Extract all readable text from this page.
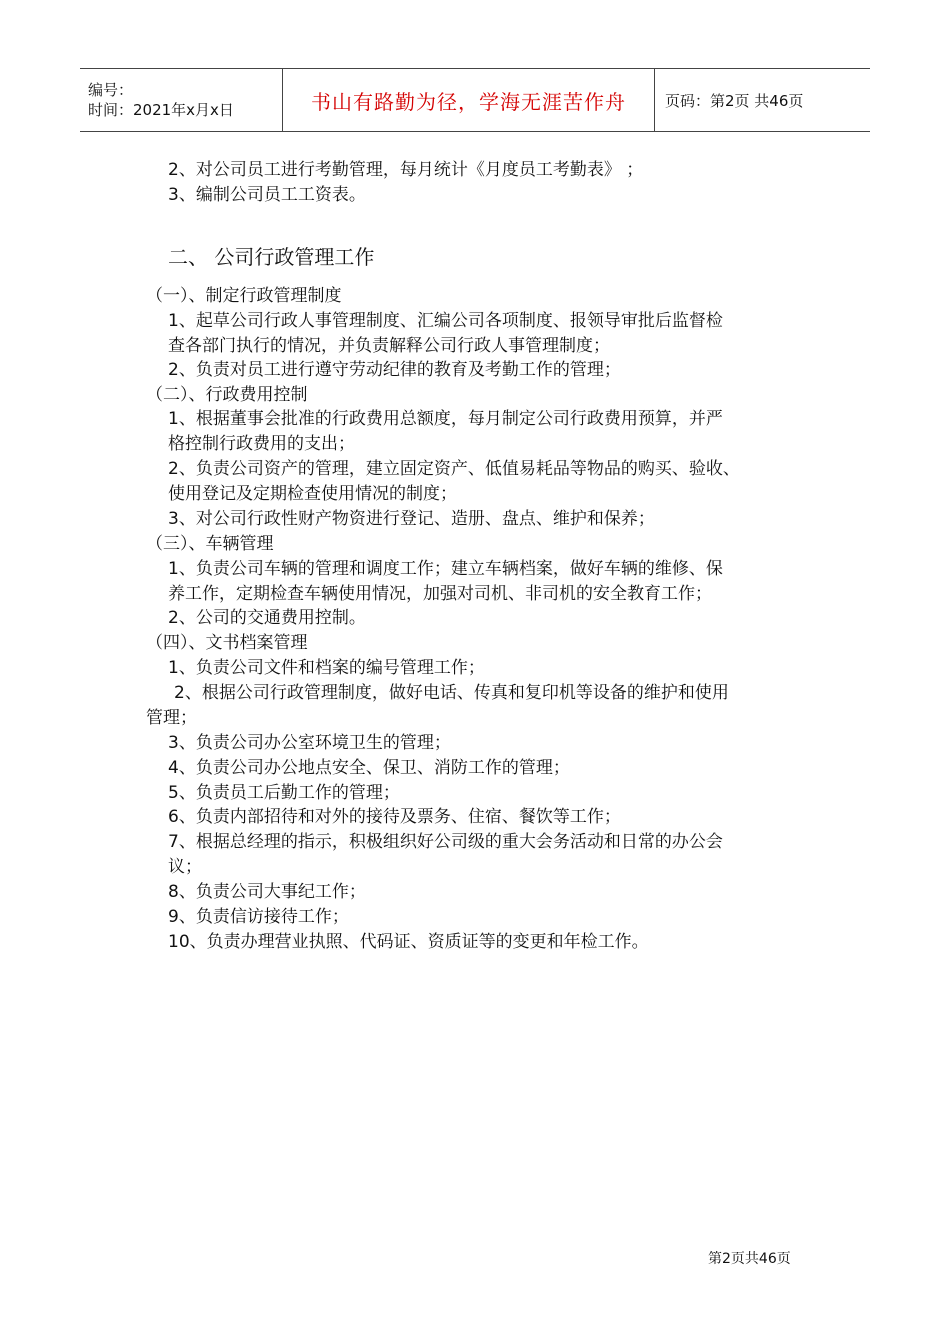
编号：
时间：2021年x月x日	书山有路勤为径，学海无涯苦作舟	页码：第2页 共46页
2、对公司员工进行考勤管理，每月统计《月度员工考勤表》 ；
3、编制公司员工工资表。
二、 公司行政管理工作
（一）、制定行政管理制度
1、起草公司行政人事管理制度、汇编公司各项制度、报领导审批后监督检
查各部门执行的情况，并负责解释公司行政人事管理制度；
2、负责对员工进行遵守劳动纪律的教育及考勤工作的管理；
（二）、行政费用控制
1、根据董事会批准的行政费用总额度，每月制定公司行政费用预算，并严
格控制行政费用的支出；
2、负责公司资产的管理，建立固定资产、低值易耗品等物品的购买、验收、
使用登记及定期检查使用情况的制度；
3、对公司行政性财产物资进行登记、造册、盘点、维护和保养；
（三）、车辆管理
1、负责公司车辆的管理和调度工作；建立车辆档案，做好车辆的维修、保
养工作，定期检查车辆使用情况，加强对司机、非司机的安全教育工作；
2、公司的交通费用控制。
（四）、文书档案管理
1、负责公司文件和档案的编号管理工作；
2、根据公司行政管理制度，做好电话、传真和复印机等设备的维护和使用
管理；
3、负责公司办公室环境卫生的管理；
4、负责公司办公地点安全、保卫、消防工作的管理；
5、负责员工后勤工作的管理；
6、负责内部招待和对外的接待及票务、住宿、餐饮等工作；
7、根据总经理的指示，积极组织好公司级的重大会务活动和日常的办公会
议；
8、负责公司大事纪工作；
9、负责信访接待工作；
10、负责办理营业执照、代码证、资质证等的变更和年检工作。
第2页共46页
